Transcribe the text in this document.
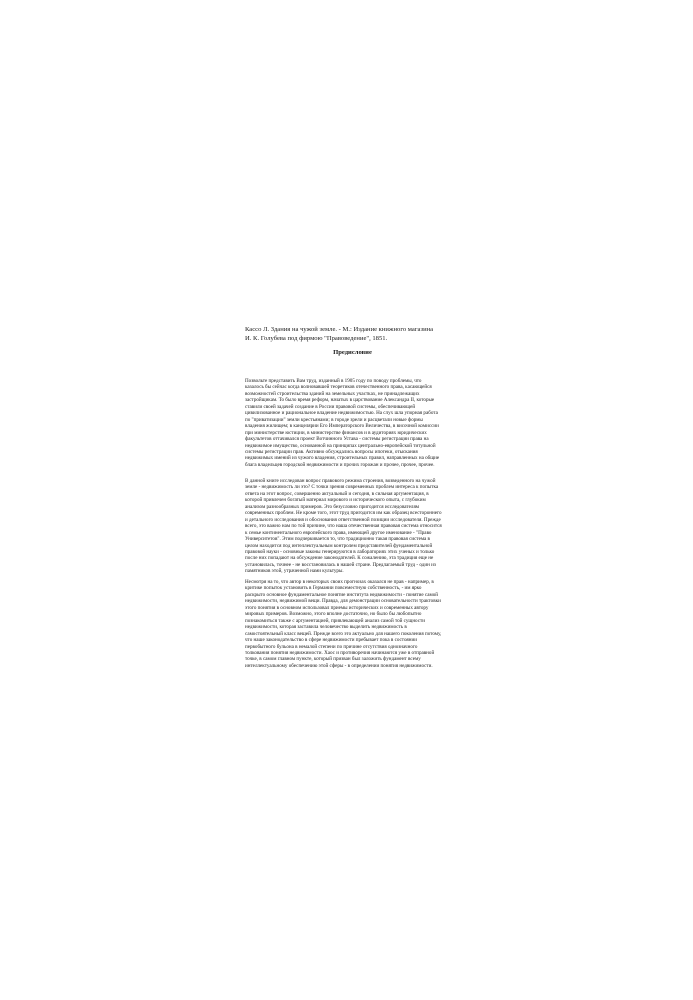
Кассо Л. Здания на чужой земле. - М.: Издание книжного магазина
И. К. Голубева под фирмою "Правоведение", 1851.

Предисловие
Позвольте представить Вам труд, изданный в 1905 году по поводу проблемы, что
казалось бы сейчас когда волновавшей теоретиков отечественного права, касающейся
возможностей строительства зданий на земельных участках, не принадлежащих
застройщикам. То было время реформ, начатых в царствование Александра II, которые
ставили своей задачей создание в России правовой системы, обеспечивающей
цивилизованное и рациональное владение недвижимостью. На слух шла упорная работа
по "приватизации" земли крестьянами; в городе зрели и расцветали новые формы
владения жилищем; в канцелярии Его Императорского Величества, в височной комиссии
при министерстве юстиции, в министерстве финансов и в аудиториях юридических
факультетов оттачивался проект Вотчинного Устава - системы регистрации права на
недвижимое имущество, основанной на принципах центрально-европейской титульной
системы регистрации прав. Активно обсуждались вопросы ипотеки, отыскания
недвижимых имений из чужого владения, строительных правил, направленных на общие
блага владельцев городской недвижимости и прочих горожан и прочее, прочее, прочее.
В данной книге исследован вопрос правового режима строения, возведенного на чужой
земле - недвижимость ли это? С точки зрения современных проблем интереса к попытка
ответа на этот вопрос, совершенно актуальный и сегодня, в сильная аргументация, в
которой привлечен богатый материал мирового и исторического опыта, с глубоким
анализом разнообразных примеров. Это безусловно пригодится исследователям
современных проблем. Не кроме того, этот труд пригодится им как образец всестороннего
и детального исследования и обоснования ответственной позиции исследователя. Прежде
всего, это важно нам по той причине, что наша отечественная правовая система относится
к семье континентального европейского права, имеющей другое именование - "Право
Университетов". Этим подчеркивается то, что традиционно такая правовая система в
целом находится под интеллектуальным контролем представителей фундаментальной
правовой науки - основные законы генерируются в лабораториях этих ученых и только
после них попадают на обсуждение законодателей. К сожалению, эта традиция еще не
установилась, точнее - не восстановилась в нашей стране. Предлагаемый труд - один из
памятников этой, утраченной нами культуры.
Несмотря на то, что автор в некоторых своих прогнозах оказался не прав - например, в
критике попыток установить в Германии повсеместную собственность, - им ярко
раскрыто основное фундаментальное понятие института недвижимости - понятие самой
недвижимости, недвижимой вещи. Правда, для демонстрации основательности трактовки
этого понятия в основном использовал приемы исторических и современных автору
мировых примеров. Возможно, этого вполне достаточно, но было бы любопытно
познакомиться также с аргументацией, привлекающей анализ самой той сущности
недвижимости, которая заставила человечество выделить недвижимость в
самостоятельный класс вещей. Прежде всего это актуально для нашего поколения потому,
что наше законодательство в сфере недвижимости пребывает пока в состоянии
первобытного бульона в немалой степени по причине отсутствия однозначного
толкования понятия недвижимости. Хаос и противоречия начинаются уже в отправной
точке, в самом главном пункте, который призван был заложить фундамент всему
интеллектуальному обеспечению этой сферы - в определении понятия недвижимости.
